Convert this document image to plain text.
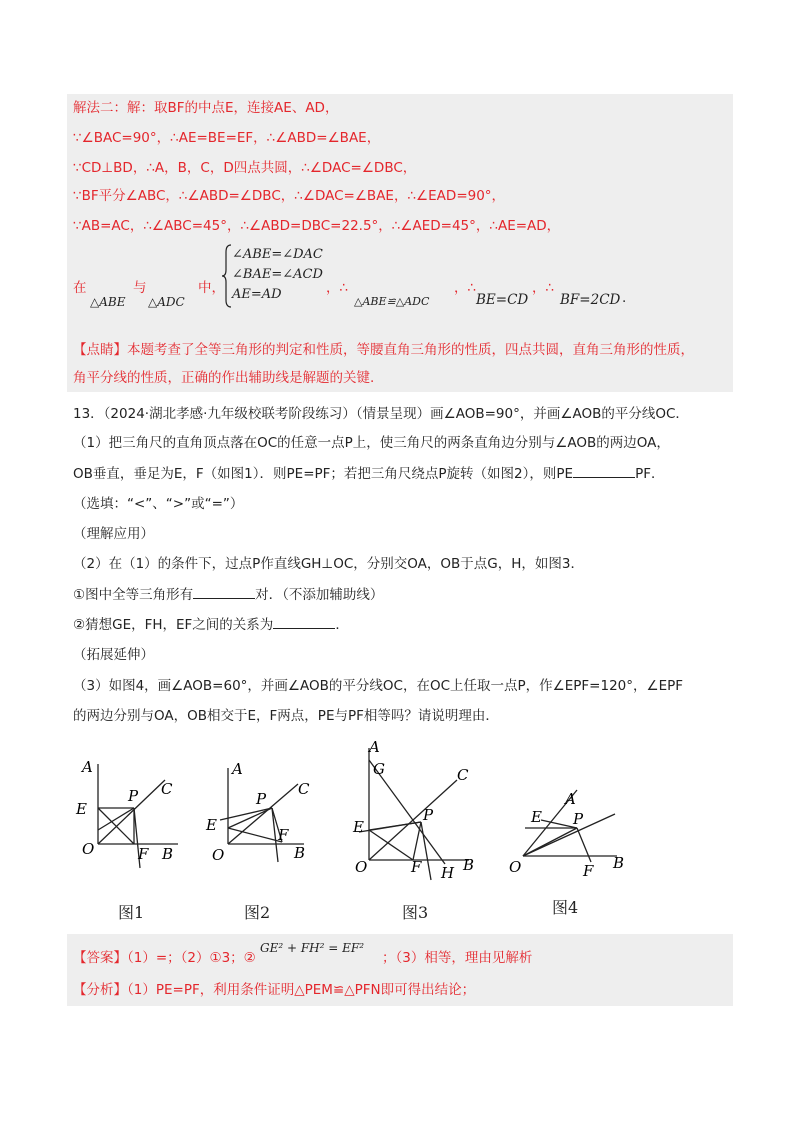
解法二：解：取BF的中点E，连接AE、AD，
∵∠BAC=90°，∴AE=BE=EF，∴∠ABD=∠BAE，
∵CD⊥BD，∴A，B，C，D四点共圆，∴∠DAC=∠DBC，
∵BF平分∠ABC，∴∠ABD=∠DBC，∴∠DAC=∠BAE，∴∠EAD=90°，
∵AB=AC，∴∠ABC=45°，∴∠ABD=DBC=22.5°，∴∠AED=45°，∴AE=AD，
在
△ABE
与
△ADC
中，
∠ABE=∠DAC
∠BAE=∠ACD
AE=AD	，∴
△ABE≌△ADC
，∴
BE=CD
，∴
BF=2CD .
【点睛】本题考查了全等三角形的判定和性质，等腰直角三角形的性质，四点共圆，直角三角形的性质，
角平分线的性质，正确的作出辅助线是解题的关键.
13．（2024·湖北孝感·九年级校联考阶段练习）（情景呈现）画∠AOB=90°，并画∠AOB的平分线OC．
（1）把三角尺的直角顶点落在OC的任意一点P上，使三角尺的两条直角边分别与∠AOB的两边OA，
OB垂直，垂足为E，F（如图1）．则PE=PF；若把三角尺绕点P旋转（如图2），则PE	PF．
（选填：“<”、“>”或“=”）
（理解应用）
（2）在（1）的条件下，过点P作直线GH⊥OC，分别交OA，OB于点G，H，如图3．
①图中全等三角形有	对．（不添加辅助线）
②猜想GE，FH，EF之间的关系为	．
（拓展延伸）
（3）如图4，画∠AOB=60°，并画∠AOB的平分线OC，在OC上任取一点P，作∠EPF=120°，∠EPF
的两边分别与OA，OB相交于E，F两点，PE与PF相等吗？请说明理由．
A
C
P
E
O	F B
图1
A
C
P
E
F
O	B
图2
A
G	C
P
E
O	F H B
图3
A
E P
O	F B
图4
【答案】（1）=；（2）①3；②
GE² + FH² = EF²
；（3）相等，理由见解析
【分析】（1）PE=PF，利用条件证明△PEM≌△PFN即可得出结论；
